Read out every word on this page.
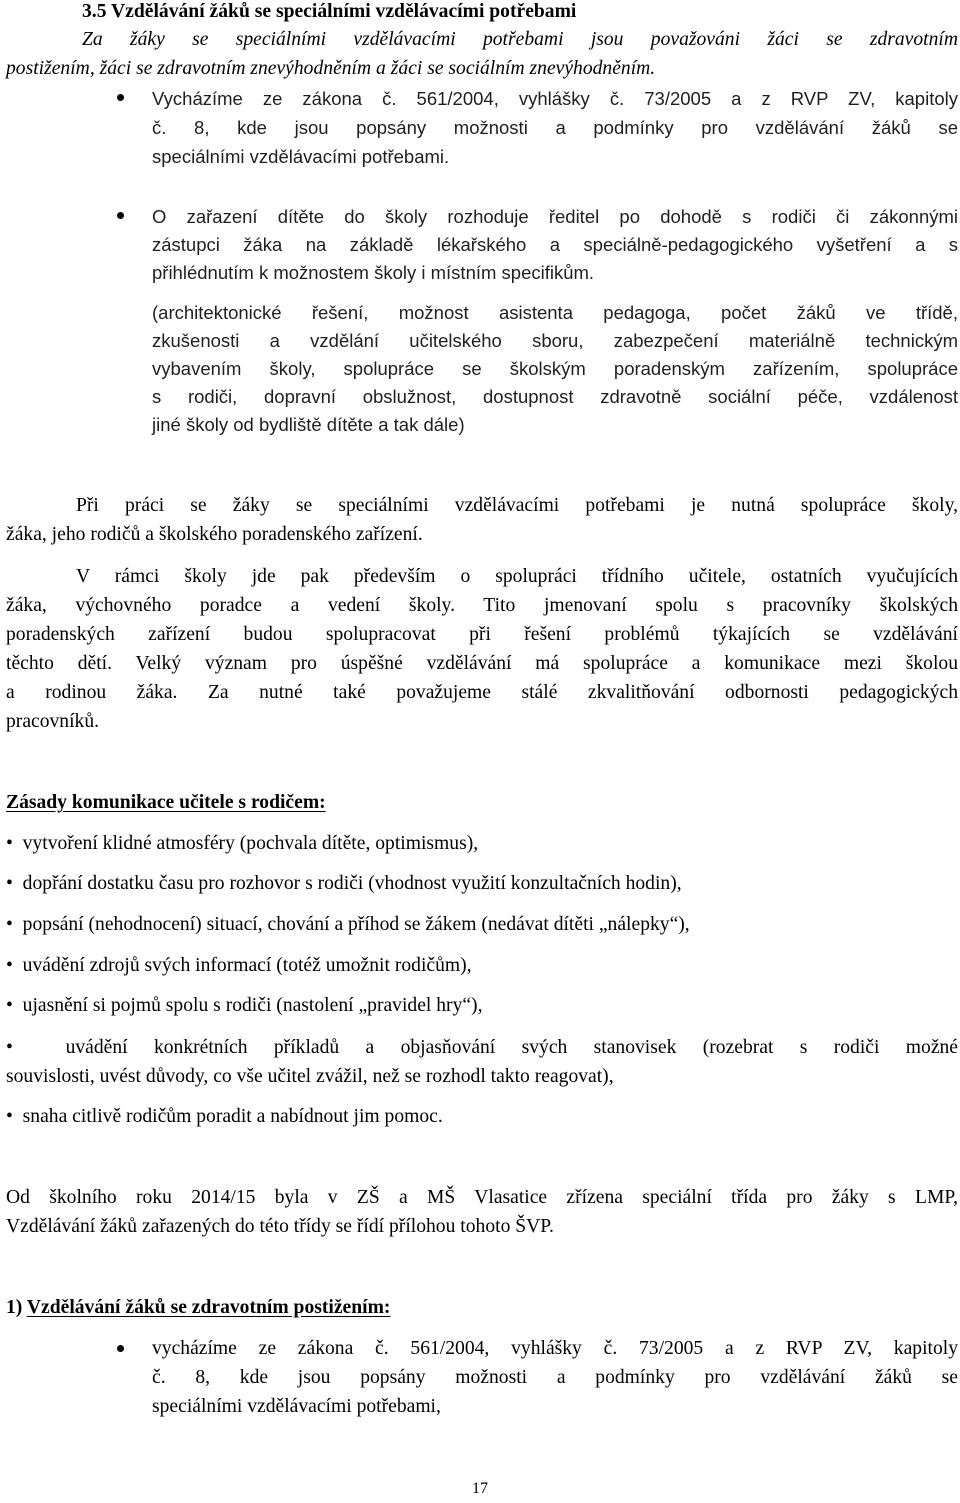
3.5 Vzdělávání žáků se speciálními vzdělávacími potřebami
Za žáky se speciálními vzdělávacími potřebami jsou považováni žáci se zdravotním
postižením, žáci se zdravotním znevýhodněním a žáci se sociálním znevýhodněním.
Vycházíme ze zákona č. 561/2004, vyhlášky č. 73/2005 a z RVP ZV, kapitoly
č. 8, kde jsou popsány možnosti a podmínky pro vzdělávání žáků se
speciálními vzdělávacími potřebami.
O zařazení dítěte do školy rozhoduje ředitel po dohodě s rodiči či zákonnými
zástupci žáka na základě lékařského a speciálně-pedagogického vyšetření a s
přihlédnutím k možnostem školy i místním specifikům.
(architektonické řešení, možnost asistenta pedagoga, počet žáků ve třídě,
zkušenosti a vzdělání učitelského sboru, zabezpečení materiálně technickým
vybavením školy, spolupráce se školským poradenským zařízením, spolupráce
s rodiči, dopravní obslužnost, dostupnost zdravotně sociální péče, vzdálenost
jiné školy od bydliště dítěte a tak dále)
Při práci se žáky se speciálními vzdělávacími potřebami je nutná spolupráce školy,
žáka, jeho rodičů a školského poradenského zařízení.
V rámci školy jde pak především o spolupráci třídního učitele, ostatních vyučujících
žáka, výchovného poradce a vedení školy. Tito jmenovaní spolu s pracovníky školských
poradenských zařízení budou spolupracovat při řešení problémů týkajících se vzdělávání
těchto dětí. Velký význam pro úspěšné vzdělávání má spolupráce a komunikace mezi školou
a rodinou žáka. Za nutné také považujeme stálé zkvalitňování odbornosti pedagogických
pracovníků.
Zásady komunikace učitele s rodičem:
• vytvoření klidné atmosféry (pochvala dítěte, optimismus),
• dopřání dostatku času pro rozhovor s rodiči (vhodnost využití konzultačních hodin),
• popsání (nehodnocení) situací, chování a příhod se žákem (nedávat dítěti „nálepky“),
• uvádění zdrojů svých informací (totéž umožnit rodičům),
• ujasnění si pojmů spolu s rodiči (nastolení „pravidel hry“),
•	uvádění konkrétních příkladů a objasňování svých stanovisek (rozebrat s rodiči možné
souvislosti, uvést důvody, co vše učitel zvážil, než se rozhodl takto reagovat),
• snaha citlivě rodičům poradit a nabídnout jim pomoc.
Od školního roku 2014/15 byla v ZŠ a MŠ Vlasatice zřízena speciální třída pro žáky s LMP,
Vzdělávání žáků zařazených do této třídy se řídí přílohou tohoto ŠVP.
1) Vzdělávání žáků se zdravotním postižením:
vycházíme ze zákona č. 561/2004, vyhlášky č. 73/2005 a z RVP ZV, kapitoly
č. 8, kde jsou popsány možnosti a podmínky pro vzdělávání žáků se
speciálními vzdělávacími potřebami,
17
